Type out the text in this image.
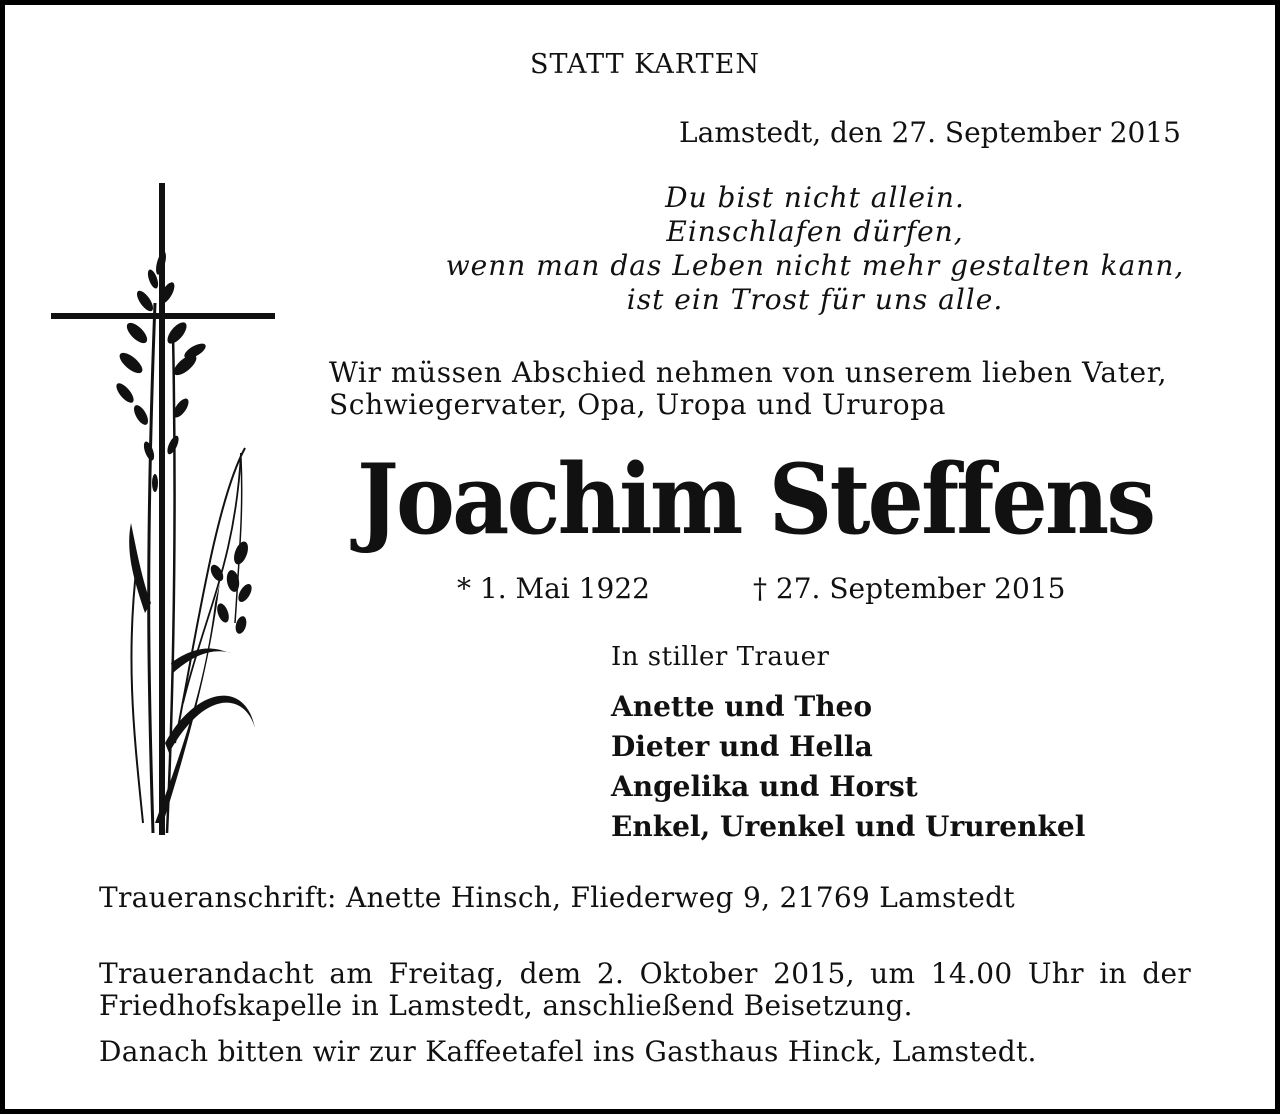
STATT KARTEN
Lamstedt, den 27. September 2015
Du bist nicht allein.
Einschlafen dürfen,
wenn man das Leben nicht mehr gestalten kann,
ist ein Trost für uns alle.
Wir müssen Abschied nehmen von unserem lieben Vater,
Schwiegervater, Opa, Uropa und Ururopa
Joachim Steffens
* 1. Mai 1922	† 27. September 2015
In stiller Trauer
Anette und Theo
Dieter und Hella
Angelika und Horst
Enkel, Urenkel und Ururenkel
Traueranschrift: Anette Hinsch, Fliederweg 9, 21769 Lamstedt
Trauerandacht am Freitag, dem 2. Oktober 2015, um 14.00 Uhr in der
Friedhofskapelle in Lamstedt, anschließend Beisetzung.
Danach bitten wir zur Kaffeetafel ins Gasthaus Hinck, Lamstedt.
